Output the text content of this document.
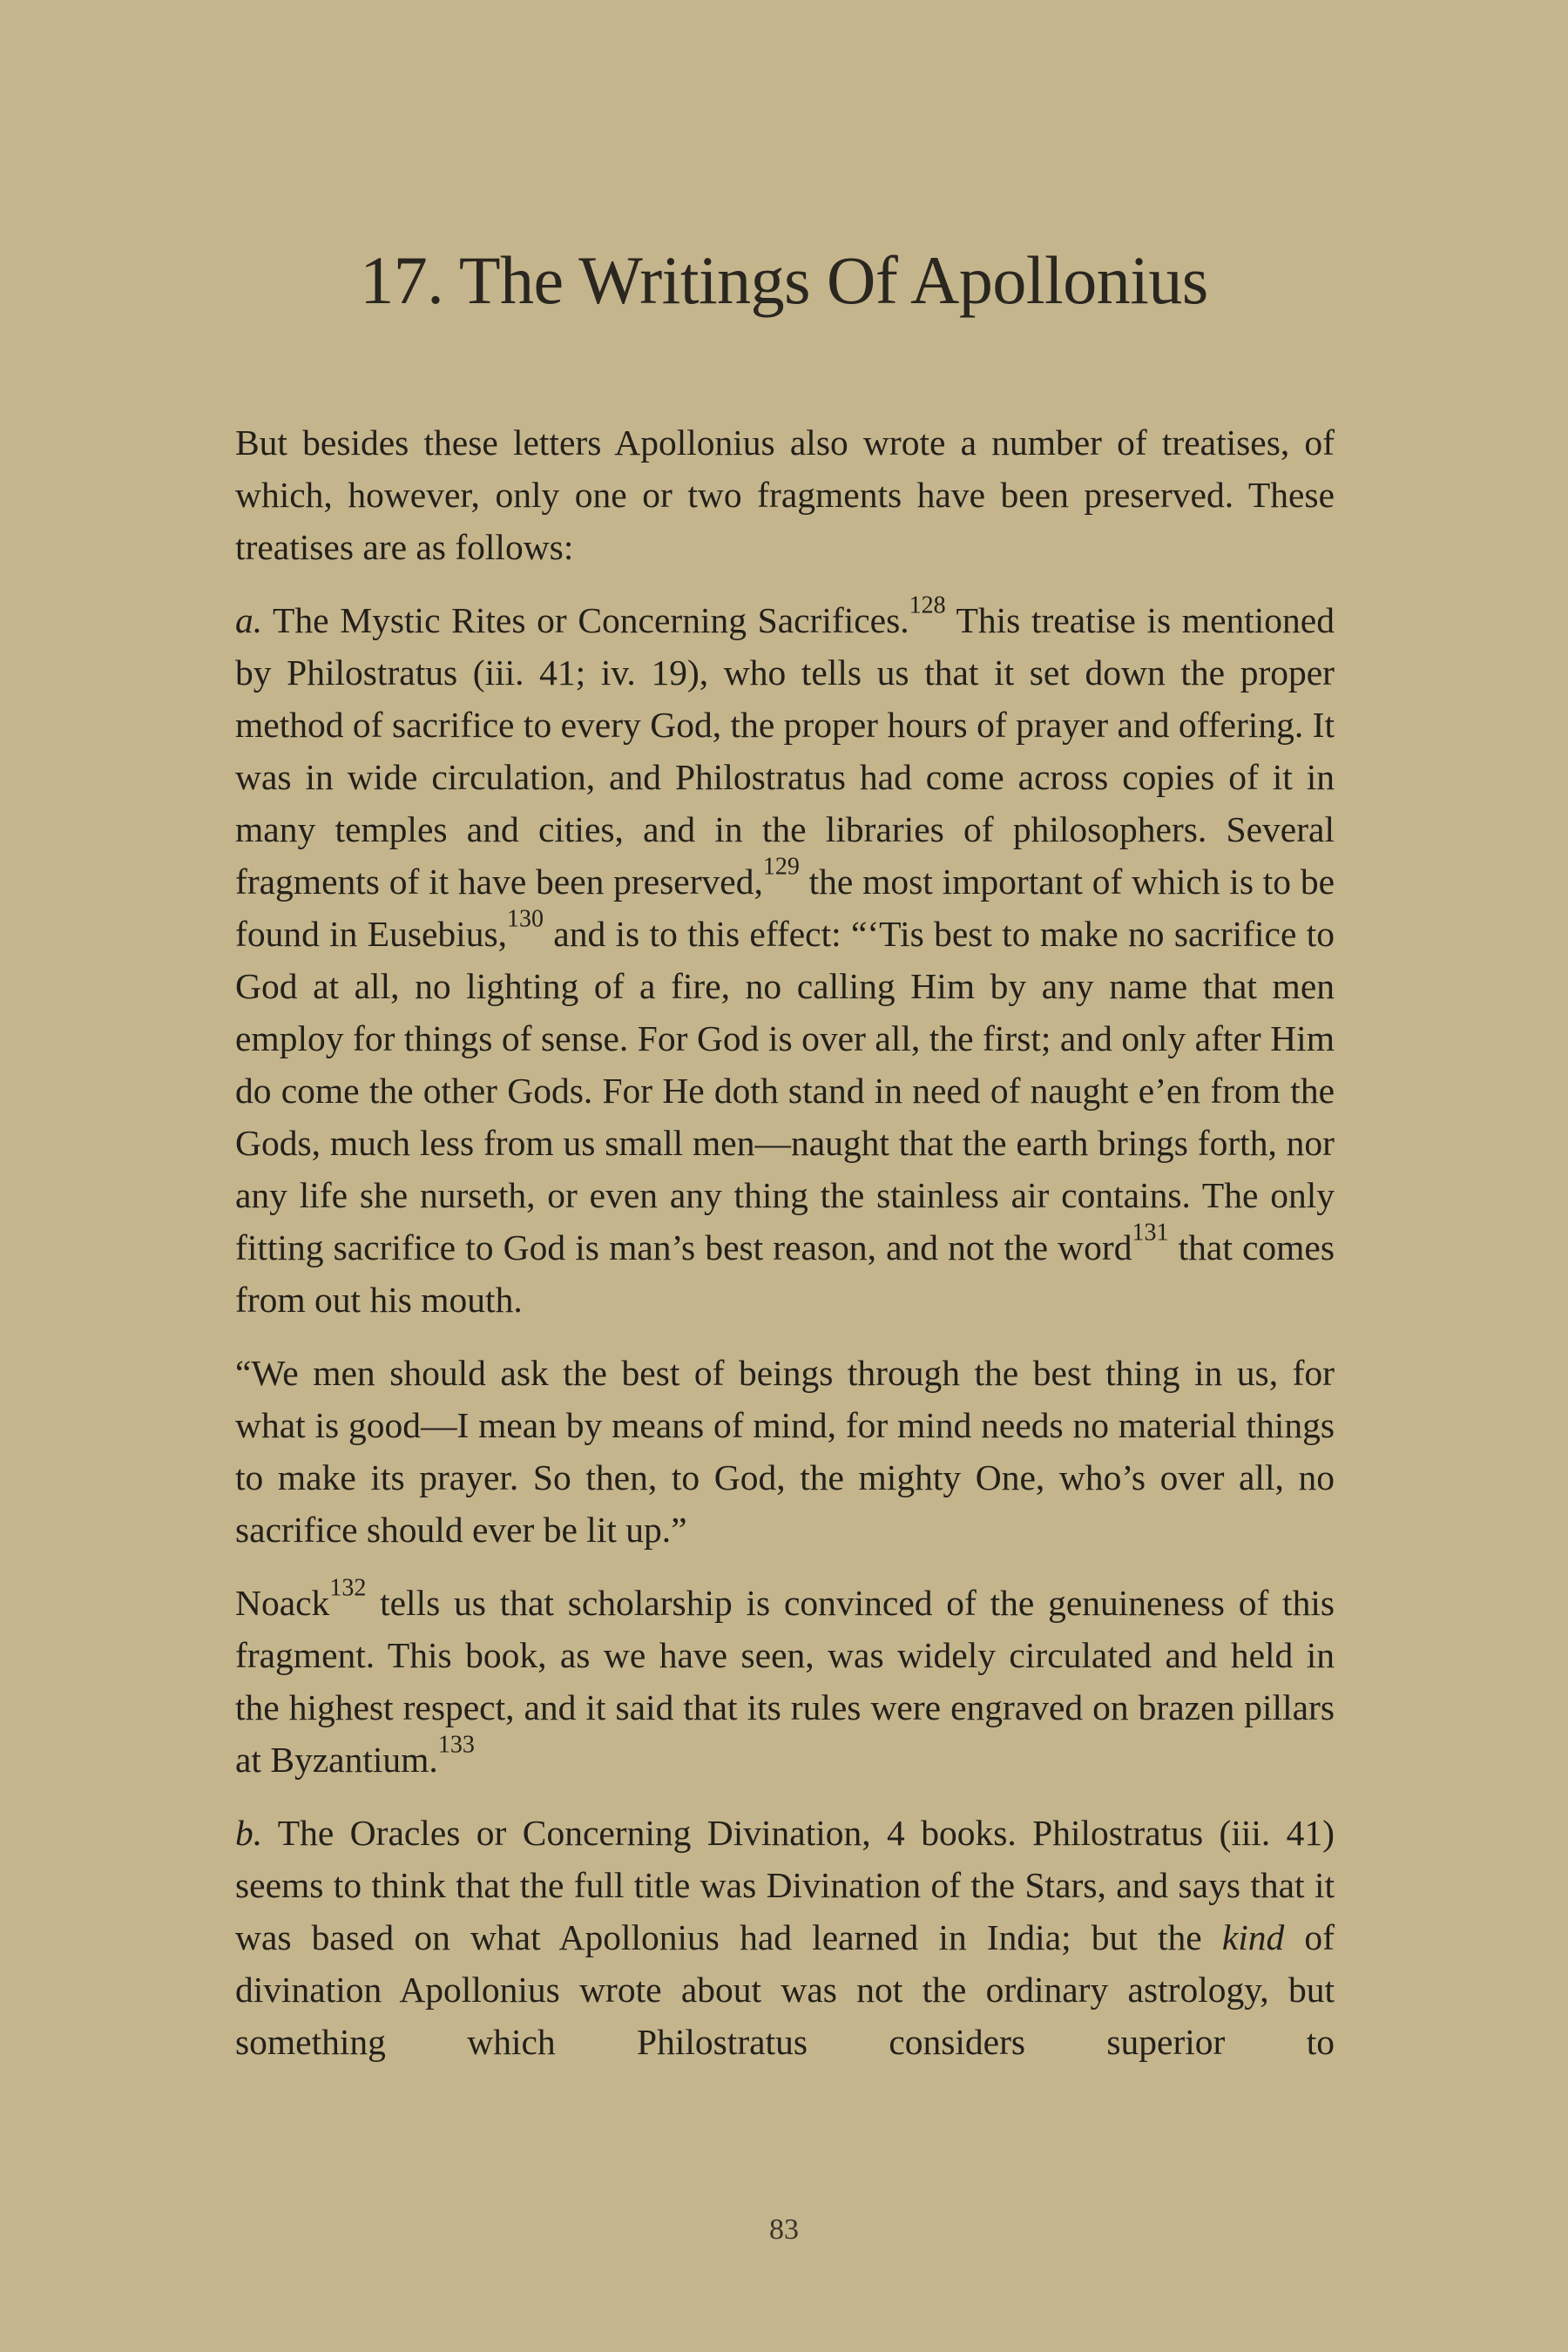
17. The Writings Of Apollonius

But besides these letters Apollonius also wrote a number of treatises, of which, however, only one or two fragments have been preserved. These treatises are as follows:

a. The Mystic Rites or Concerning Sacrifices.$^{128}$ This treatise is mentioned by Philostratus (iii. 41; iv. 19), who tells us that it set down the proper method of sacrifice to every God, the proper hours of prayer and offering. It was in wide circulation, and Philostratus had come across copies of it in many temples and cities, and in the libraries of philosophers. Several fragments of it have been preserved,$^{129}$ the most important of which is to be found in Eusebius,$^{130}$ and is to this effect: “‘Tis best to make no sacrifice to God at all, no lighting of a fire, no calling Him by any name that men employ for things of sense. For God is over all, the first; and only after Him do come the other Gods. For He doth stand in need of naught e’en from the Gods, much less from us small men—naught that the earth brings forth, nor any life she nurseth, or even any thing the stainless air contains. The only fitting sacrifice to God is man’s best reason, and not the word$^{131}$ that comes from out his mouth.

“We men should ask the best of beings through the best thing in us, for what is good—I mean by means of mind, for mind needs no material things to make its prayer. So then, to God, the mighty One, who’s over all, no sacrifice should ever be lit up.”

Noack$^{132}$ tells us that scholarship is convinced of the genuineness of this fragment. This book, as we have seen, was widely circulated and held in the highest respect, and it said that its rules were engraved on brazen pillars at Byzantium.$^{133}$

b. The Oracles or Concerning Divination, 4 books. Philostratus (iii. 41) seems to think that the full title was Divination of the Stars, and says that it was based on what Apollonius had learned in India; but the kind of divination Apollonius wrote about was not the ordinary astrology, but something which Philostratus considers superior to

83
